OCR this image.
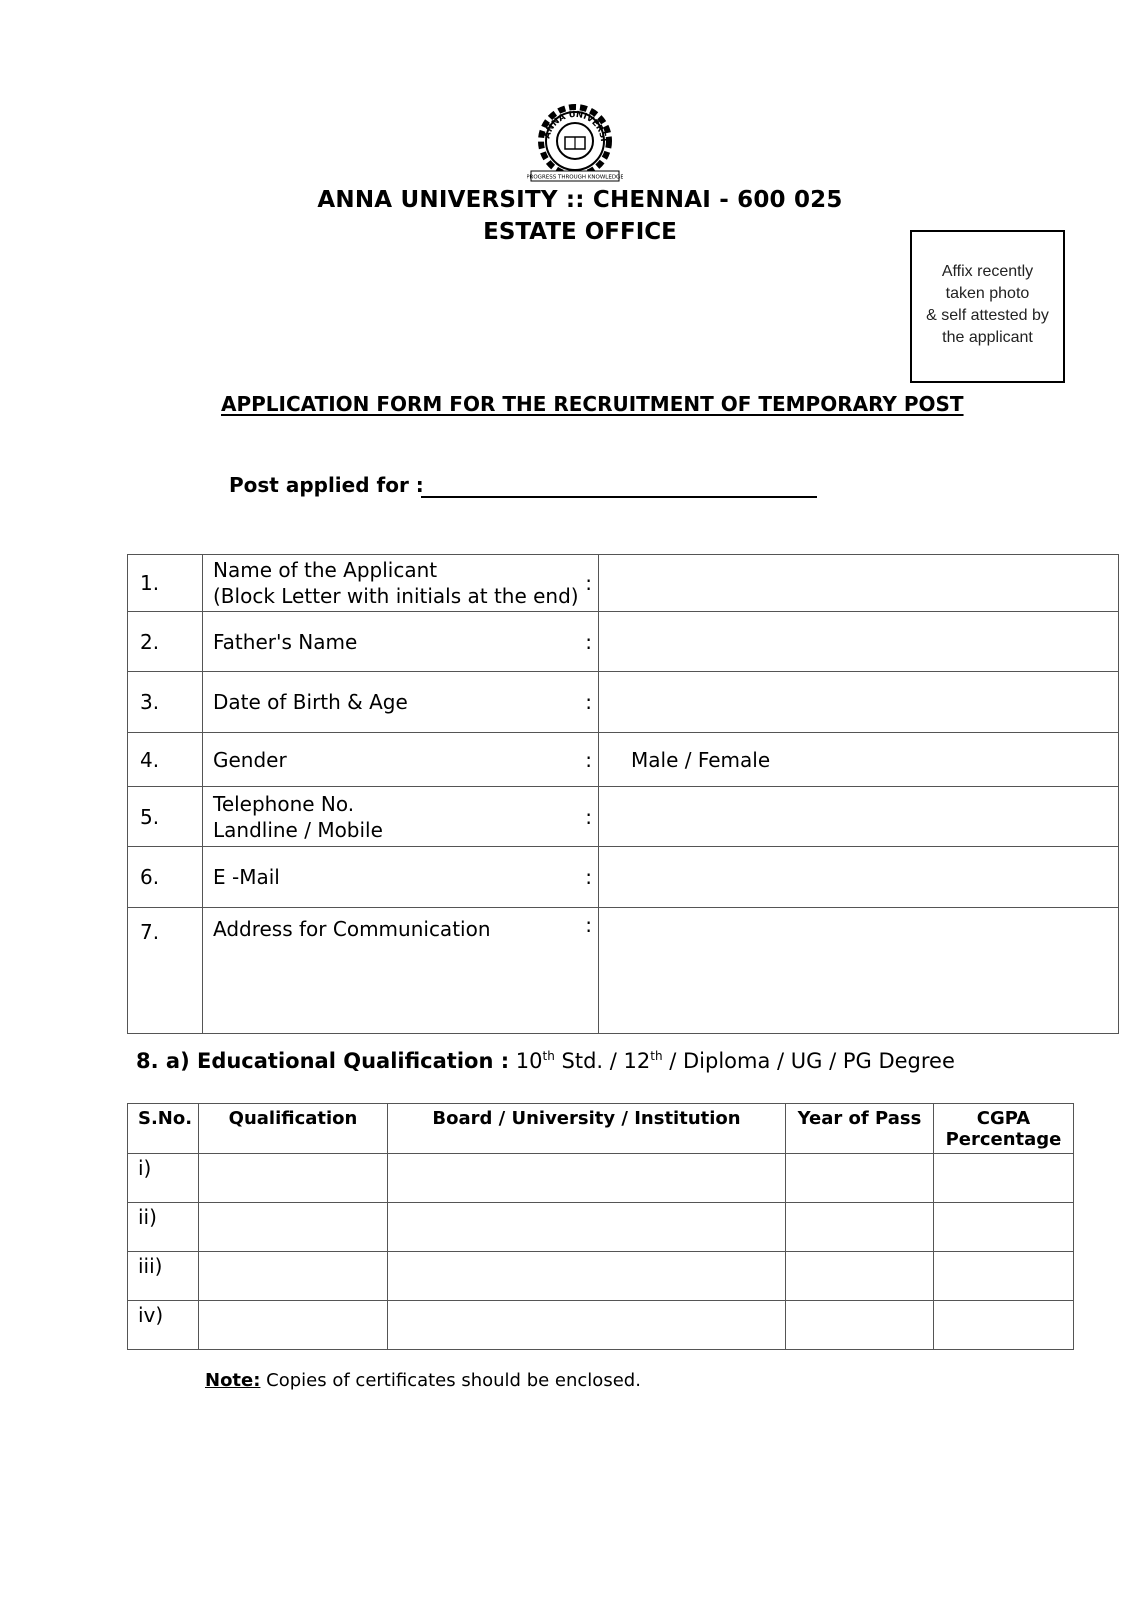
ANNA UNIVERSI
PROGRESS THROUGH KNOWLEDGE
ANNA UNIVERSITY :: CHENNAI - 600 025
ESTATE OFFICE
Affix recently
taken photo
& self attested by
the applicant
APPLICATION FORM FOR THE RECRUITMENT OF TEMPORARY POST
Post applied for :
1.	Name of the Applicant
(Block Letter with initials at the end)
:	

2.	Father's Name :	

3.	Date of Birth & Age :	

4.	Gender :	Male / Female
5.	Telephone No.
Landline / Mobile
:	

6.	E -Mail :	

7.	Address for Communication :	

8. a) Educational Qualification : 10th Std. / 12th / Diploma / UG / PG Degree
S.No.	Qualification	Board / University / Institution	Year of Pass	CGPA
Percentage

i)				
ii)				
iii)				
iv)				
Note: Copies of certificates should be enclosed.
